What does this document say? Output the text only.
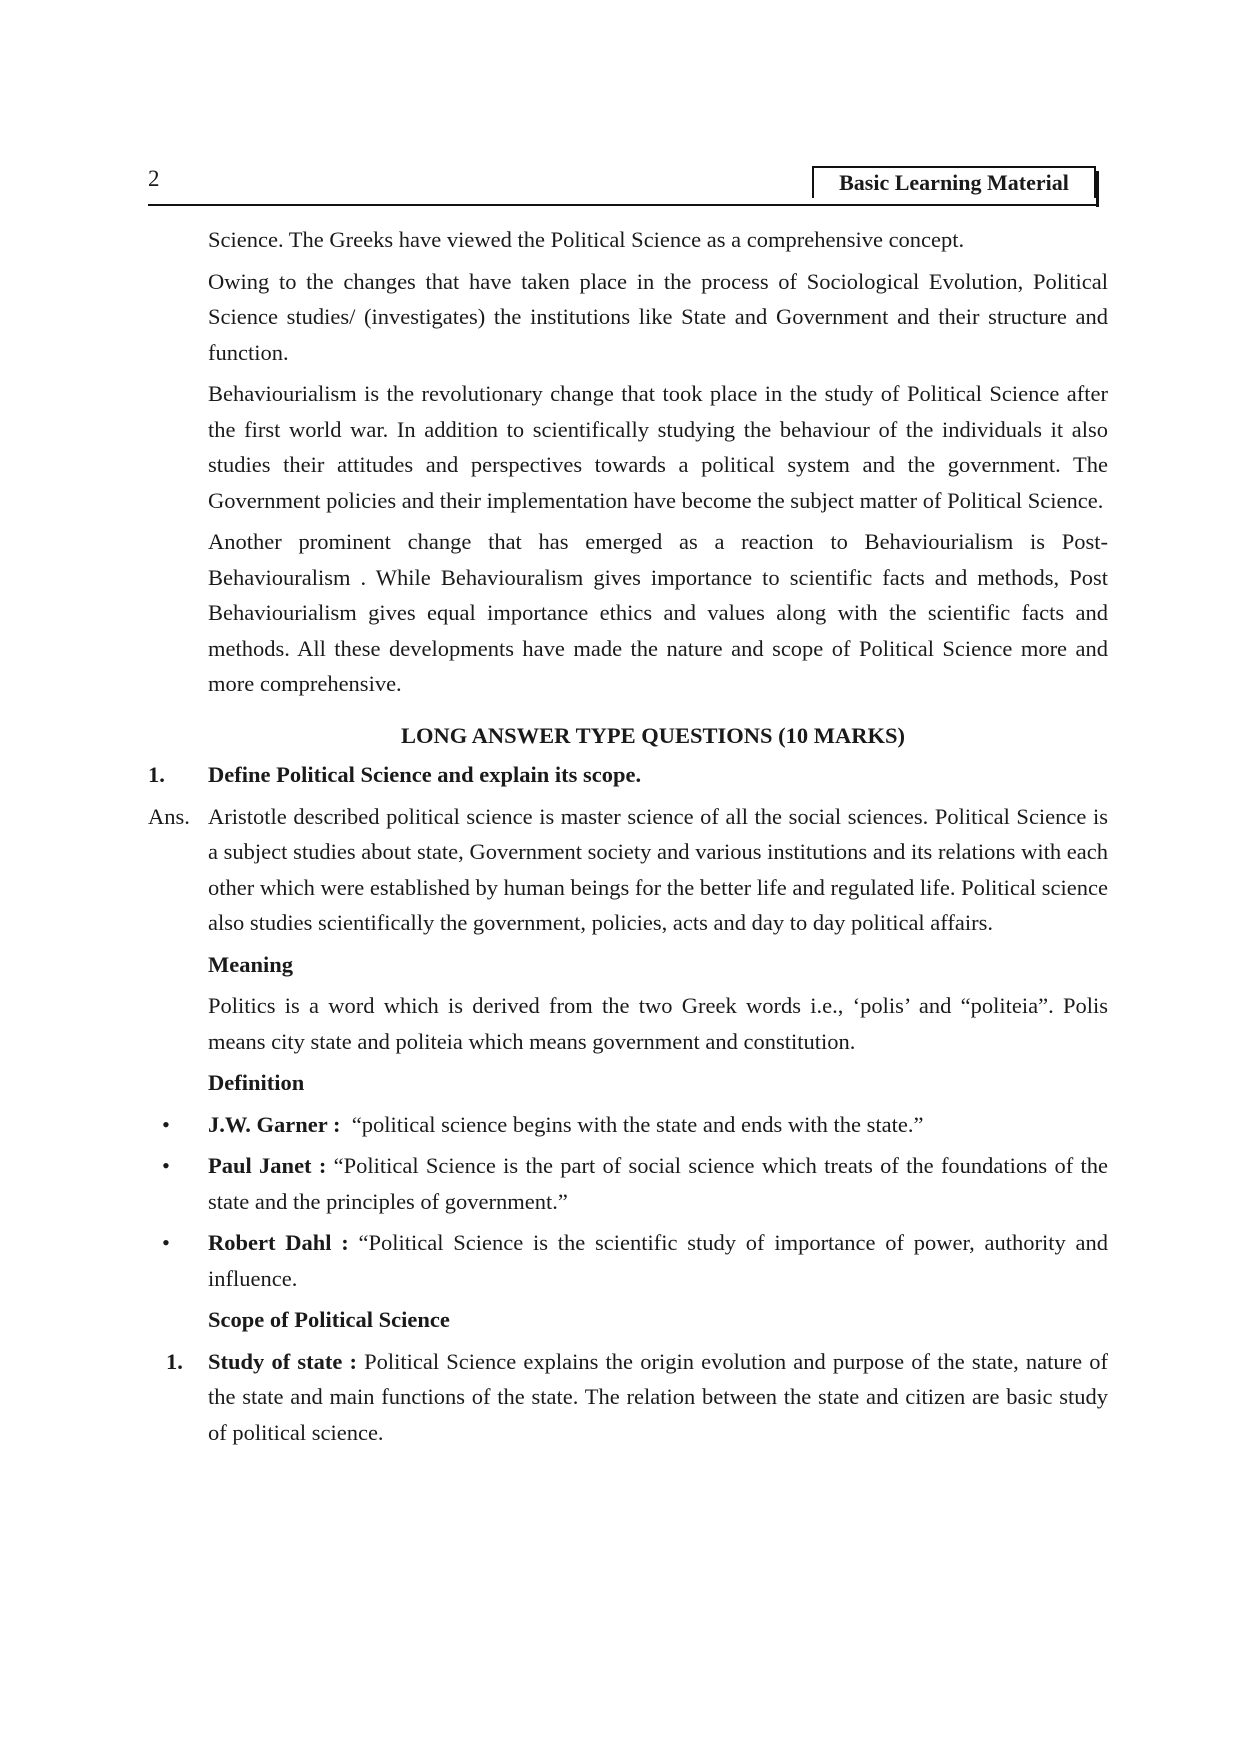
2	Basic Learning Material

Science. The Greeks have viewed the Political Science as a comprehensive concept.

Owing to the changes that have taken place in the process of Sociological Evolution, Political Science studies/ (investigates) the institutions like State and Government and their structure and function.

Behaviourialism is the revolutionary change that took place in the study of Political Science after the first world war. In addition to scientifically studying the behaviour of the individuals it also studies their attitudes and perspectives towards a political system and the government. The Government policies and their implementation have become the subject matter of Political Science.

Another prominent change that has emerged as a reaction to Behaviourialism is Post-Behaviouralism . While Behaviouralism gives importance to scientific facts and methods, Post Behaviourialism gives equal importance ethics and values along with the scientific facts and methods. All these developments have made the nature and scope of Political Science more and more comprehensive.

LONG ANSWER TYPE QUESTIONS (10 MARKS)
1. Define Political Science and explain its scope.
Ans. Aristotle described political science is master science of all the social sciences. Political Science is a subject studies about state, Government society and various institutions and its relations with each other which were established by human beings for the better life and regulated life. Political science also studies scientifically the government, policies, acts and day to day political affairs.
Meaning

Politics is a word which is derived from the two Greek words i.e., ‘polis’ and “politeia”. Polis means city state and politeia which means government and constitution.

Definition
• J.W. Garner :  “political science begins with the state and ends with the state.”
• Paul Janet : “Political Science is the part of social science which treats of the foundations of the state and the principles of government.”
• Robert Dahl : “Political Science is the scientific study of importance of power, authority and influence.
Scope of Political Science
1. Study of state : Political Science explains the origin evolution and purpose of the state, nature of the state and main functions of the state. The relation between the state and citizen are basic study of political science.
